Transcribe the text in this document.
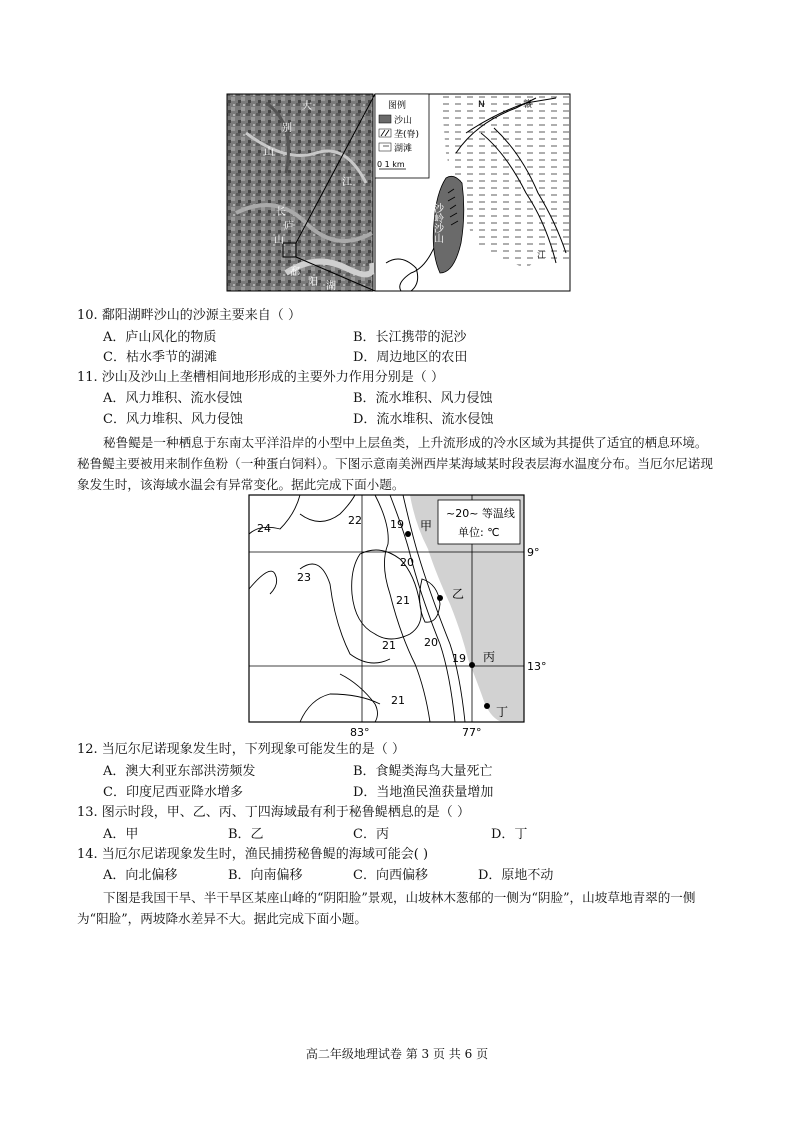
大
别
山
江
长
庐
山
鄱
阳 湖
沙岭沙山
赣
江
N
图例
沙山
垄(脊)
湖滩
0 1 km
10. 鄱阳湖畔沙山的沙源主要来自（ ）
A．庐山风化的物质	B．长江携带的泥沙
C．枯水季节的湖滩	D．周边地区的农田
11. 沙山及沙山上垄槽相间地形形成的主要外力作用分别是（ ）
A．风力堆积、流水侵蚀	B．流水堆积、风力侵蚀
C．风力堆积、风力侵蚀	D．流水堆积、流水侵蚀
秘鲁鳀是一种栖息于东南太平洋沿岸的小型中上层鱼类，上升流形成的冷水区域为其提供了适宜的栖息环境。秘鲁鳀主要被用来制作鱼粉（一种蛋白饲料）。下图示意南美洲西岸某海域某时段表层海水温度分布。当厄尔尼诺现象发生时，该海域水温会有异常变化。据此完成下面小题。
24
22	19
23
20
21
21	20
19
21
甲
乙
丙
丁
~20~ 等温线
单位: ℃
9°
13°
83°	77°
12. 当厄尔尼诺现象发生时，下列现象可能发生的是（ ）
A．澳大利亚东部洪涝频发	B．食鳀类海鸟大量死亡
C．印度尼西亚降水增多	D．当地渔民渔获量增加
13. 图示时段，甲、乙、丙、丁四海域最有利于秘鲁鳀栖息的是（ ）
A．甲	B．乙	C．丙	D．丁
14. 当厄尔尼诺现象发生时，渔民捕捞秘鲁鳀的海域可能会( )
A．向北偏移	B．向南偏移	C．向西偏移	D．原地不动
下图是我国干旱、半干旱区某座山峰的“阴阳脸”景观，山坡林木葱郁的一侧为“阴脸”，山坡草地青翠的一侧为“阳脸”，两坡降水差异不大。据此完成下面小题。
高二年级地理试卷 第 3 页 共 6 页
